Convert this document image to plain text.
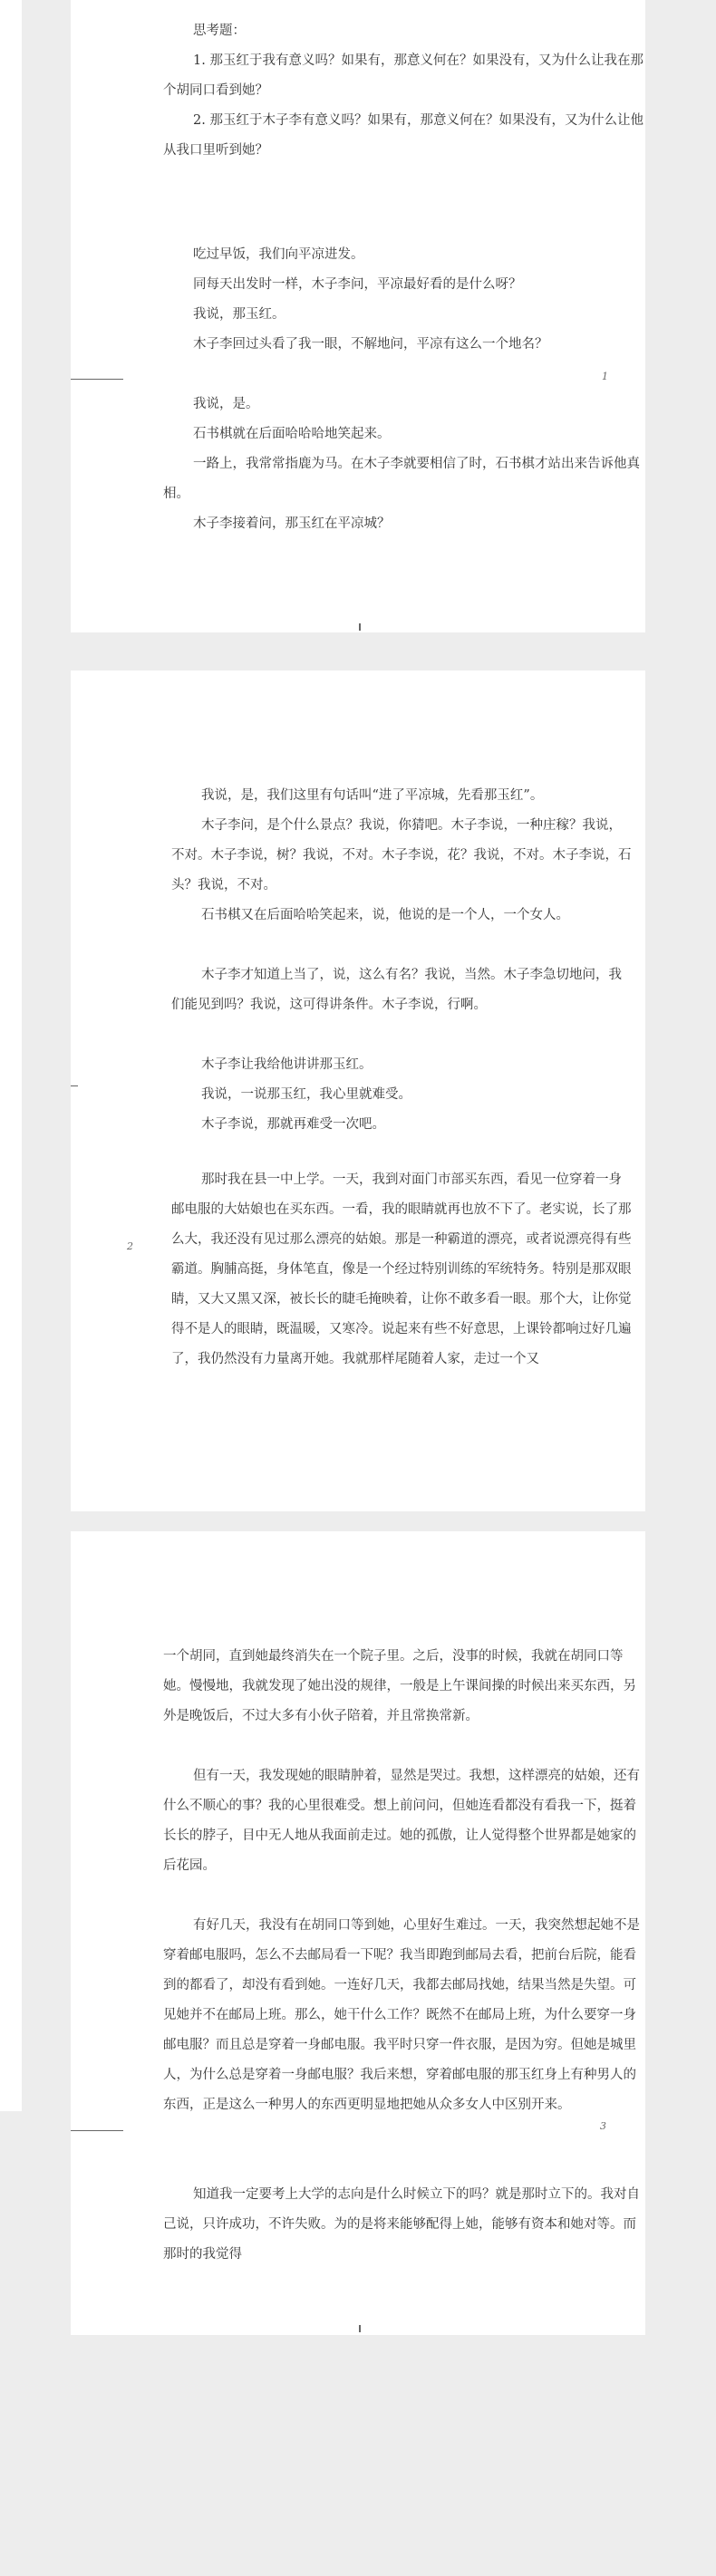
思考题：

1. 那玉红于我有意义吗？如果有，那意义何在？如果没有，又为什么让我在那个胡同口看到她？

2. 那玉红于木子李有意义吗？如果有，那意义何在？如果没有，又为什么让他从我口里听到她？

吃过早饭，我们向平凉进发。

同每天出发时一样，木子李问，平凉最好看的是什么呀？

我说，那玉红。

木子李回过头看了我一眼，不解地问，平凉有这么一个地名？

我说，是。

石书棋就在后面哈哈哈地笑起来。

一路上，我常常指鹿为马。在木子李就要相信了时，石书棋才站出来告诉他真相。

木子李接着问，那玉红在平凉城？

1

我说，是，我们这里有句话叫“进了平凉城，先看那玉红”。

木子李问，是个什么景点？我说，你猜吧。木子李说，一种庄稼？我说，不对。木子李说，树？我说，不对。木子李说，花？我说，不对。木子李说，石头？我说，不对。

石书棋又在后面哈哈笑起来，说，他说的是一个人，一个女人。

木子李才知道上当了，说，这么有名？我说，当然。木子李急切地问，我们能见到吗？我说，这可得讲条件。木子李说，行啊。

木子李让我给他讲讲那玉红。

我说，一说那玉红，我心里就难受。

木子李说，那就再难受一次吧。

那时我在县一中上学。一天，我到对面门市部买东西，看见一位穿着一身邮电服的大姑娘也在买东西。一看，我的眼睛就再也放不下了。老实说，长了那么大，我还没有见过那么漂亮的姑娘。那是一种霸道的漂亮，或者说漂亮得有些霸道。胸脯高挺，身体笔直，像是一个经过特别训练的军统特务。特别是那双眼睛，又大又黑又深，被长长的睫毛掩映着，让你不敢多看一眼。那个大，让你觉得不是人的眼睛，既温暖，又寒冷。说起来有些不好意思，上课铃都响过好几遍了，我仍然没有力量离开她。我就那样尾随着人家，走过一个又

2

一个胡同，直到她最终消失在一个院子里。之后，没事的时候，我就在胡同口等她。慢慢地，我就发现了她出没的规律，一般是上午课间操的时候出来买东西，另外是晚饭后，不过大多有小伙子陪着，并且常换常新。

但有一天，我发现她的眼睛肿着，显然是哭过。我想，这样漂亮的姑娘，还有什么不顺心的事？我的心里很难受。想上前问问，但她连看都没有看我一下，挺着长长的脖子，目中无人地从我面前走过。她的孤傲，让人觉得整个世界都是她家的后花园。

有好几天，我没有在胡同口等到她，心里好生难过。一天，我突然想起她不是穿着邮电服吗，怎么不去邮局看一下呢？我当即跑到邮局去看，把前台后院，能看到的都看了，却没有看到她。一连好几天，我都去邮局找她，结果当然是失望。可见她并不在邮局上班。那么，她干什么工作？既然不在邮局上班，为什么要穿一身邮电服？而且总是穿着一身邮电服。我平时只穿一件衣服，是因为穷。但她是城里人，为什么总是穿着一身邮电服？我后来想，穿着邮电服的那玉红身上有种男人的东西，正是这么一种男人的东西更明显地把她从众多女人中区别开来。

知道我一定要考上大学的志向是什么时候立下的吗？就是那时立下的。我对自己说，只许成功，不许失败。为的是将来能够配得上她，能够有资本和她对等。而那时的我觉得

3
